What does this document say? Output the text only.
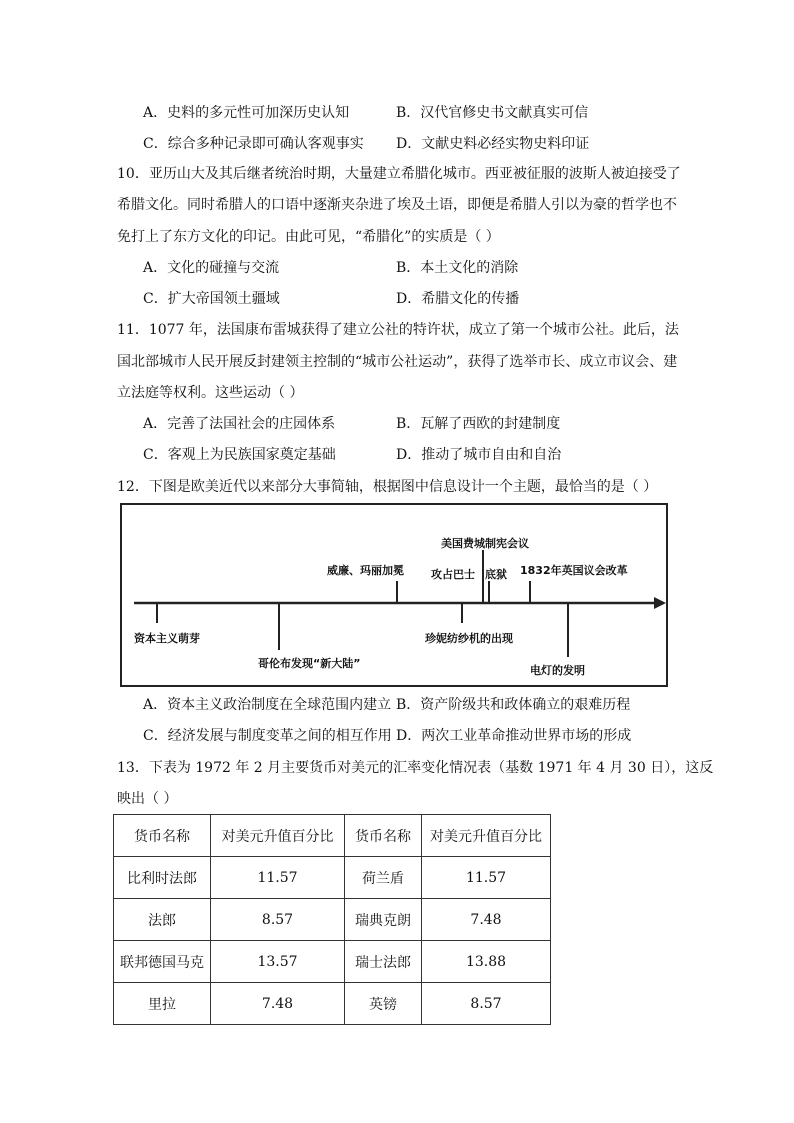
A．史料的多元性可加深历史认知	B．汉代官修史书文献真实可信
C．综合多种记录即可确认客观事实 D．文献史料必经实物史料印证
10．亚历山大及其后继者统治时期，大量建立希腊化城市。西亚被征服的波斯人被迫接受了
希腊文化。同时希腊人的口语中逐渐夹杂进了埃及土语，即便是希腊人引以为豪的哲学也不
免打上了东方文化的印记。由此可见，“希腊化”的实质是（ ）
A．文化的碰撞与交流	B．本土文化的消除
C．扩大帝国领土疆域	D．希腊文化的传播
11．1077 年，法国康布雷城获得了建立公社的特许状，成立了第一个城市公社。此后，法
国北部城市人民开展反封建领主控制的“城市公社运动”，获得了选举市长、成立市议会、建
立法庭等权利。这些运动（ ）
A．完善了法国社会的庄园体系	B．瓦解了西欧的封建制度
C．客观上为民族国家奠定基础	D．推动了城市自由和自治
12．下图是欧美近代以来部分大事简轴，根据图中信息设计一个主题，最恰当的是（ ）
资本主义萌芽
哥伦布发现“新大陆”
珍妮纺纱机的出现
电灯的发明
威廉、玛丽加冕 攻占巴士
美国费城制宪会议
底狱 1832年英国议会改革
A．资本主义政治制度在全球范围内建立 B．资产阶级共和政体确立的艰难历程
C．经济发展与制度变革之间的相互作用 D．两次工业革命推动世界市场的形成
13．下表为 1972 年 2 月主要货币对美元的汇率变化情况表（基数 1971 年 4 月 30 日），这反
映出（ ）
货币名称	对美元升值百分比	货币名称	对美元升值百分比
比利时法郎	11.57	荷兰盾	11.57
法郎	8.57	瑞典克朗	7.48
联邦德国马克	13.57	瑞士法郎	13.88
里拉	7.48	英镑	8.57
